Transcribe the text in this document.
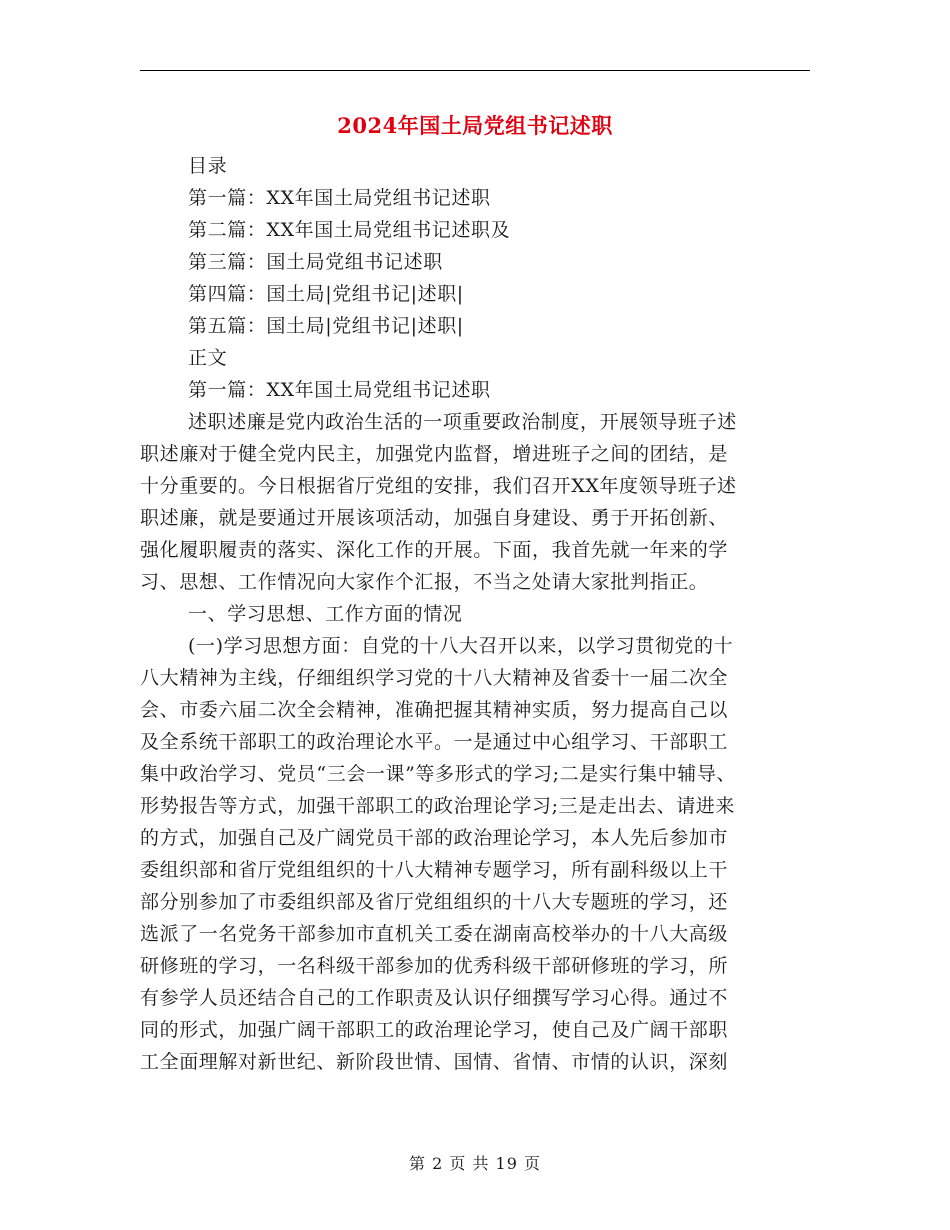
2024年国土局党组书记述职
目录
第一篇：XX年国土局党组书记述职
第二篇：XX年国土局党组书记述职及
第三篇：国土局党组书记述职
第四篇：国土局|党组书记|述职|
第五篇：国土局|党组书记|述职|
正文
第一篇：XX年国土局党组书记述职
述职述廉是党内政治生活的一项重要政治制度，开展领导班子述
职述廉对于健全党内民主，加强党内监督，增进班子之间的团结，是
十分重要的。今日根据省厅党组的安排，我们召开XX年度领导班子述
职述廉，就是要通过开展该项活动，加强自身建设、勇于开拓创新、
强化履职履责的落实、深化工作的开展。下面，我首先就一年来的学
习、思想、工作情况向大家作个汇报，不当之处请大家批判指正。
一、学习思想、工作方面的情况
(一)学习思想方面：自党的十八大召开以来，以学习贯彻党的十
八大精神为主线，仔细组织学习党的十八大精神及省委十一届二次全
会、市委六届二次全会精神，准确把握其精神实质，努力提高自己以
及全系统干部职工的政治理论水平。一是通过中心组学习、干部职工
集中政治学习、党员“三会一课”等多形式的学习;二是实行集中辅导、
形势报告等方式，加强干部职工的政治理论学习;三是走出去、请进来
的方式，加强自己及广阔党员干部的政治理论学习，本人先后参加市
委组织部和省厅党组组织的十八大精神专题学习，所有副科级以上干
部分别参加了市委组织部及省厅党组组织的十八大专题班的学习，还
选派了一名党务干部参加市直机关工委在湖南高校举办的十八大高级
研修班的学习，一名科级干部参加的优秀科级干部研修班的学习，所
有参学人员还结合自己的工作职责及认识仔细撰写学习心得。通过不
同的形式，加强广阔干部职工的政治理论学习，使自己及广阔干部职
工全面理解对新世纪、新阶段世情、国情、省情、市情的认识，深刻
第 2 页 共 19 页
